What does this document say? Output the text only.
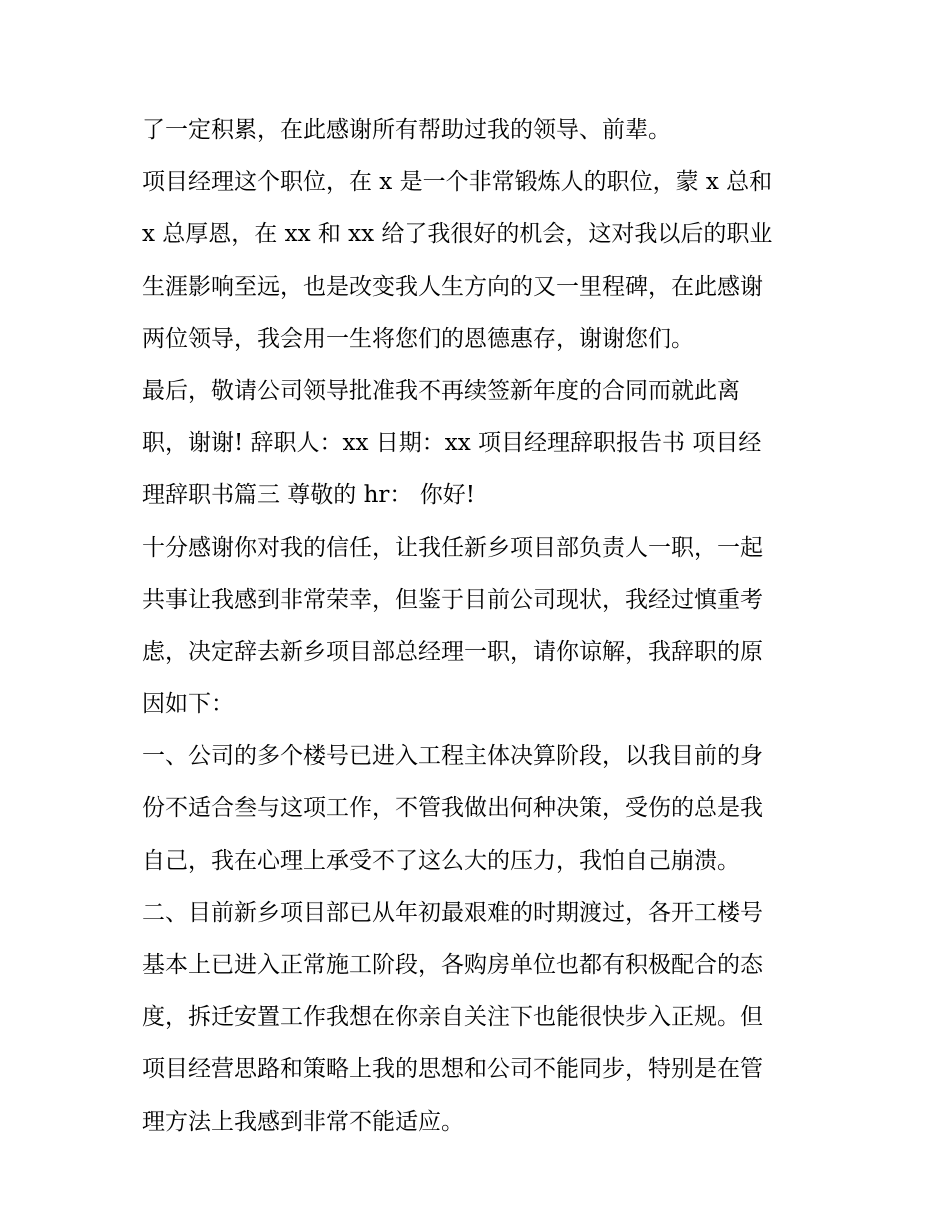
了一定积累，在此感谢所有帮助过我的领导、前辈。
项目经理这个职位，在 x 是一个非常锻炼人的职位，蒙 x 总和
x 总厚恩，在 xx 和 xx 给了我很好的机会，这对我以后的职业
生涯影响至远，也是改变我人生方向的又一里程碑，在此感谢
两位领导，我会用一生将您们的恩德惠存，谢谢您们。
最后，敬请公司领导批准我不再续签新年度的合同而就此离
职，谢谢! 辞职人：xx 日期：xx 项目经理辞职报告书 项目经
理辞职书篇三 尊敬的 hr： 你好!
十分感谢你对我的信任，让我任新乡项目部负责人一职，一起
共事让我感到非常荣幸，但鉴于目前公司现状，我经过慎重考
虑，决定辞去新乡项目部总经理一职，请你谅解，我辞职的原
因如下：
一、公司的多个楼号已进入工程主体决算阶段，以我目前的身
份不适合叁与这项工作，不管我做出何种决策，受伤的总是我
自己，我在心理上承受不了这么大的压力，我怕自己崩溃。
二、目前新乡项目部已从年初最艰难的时期渡过，各开工楼号
基本上已进入正常施工阶段，各购房单位也都有积极配合的态
度，拆迁安置工作我想在你亲自关注下也能很快步入正规。但
项目经营思路和策略上我的思想和公司不能同步，特别是在管
理方法上我感到非常不能适应。
